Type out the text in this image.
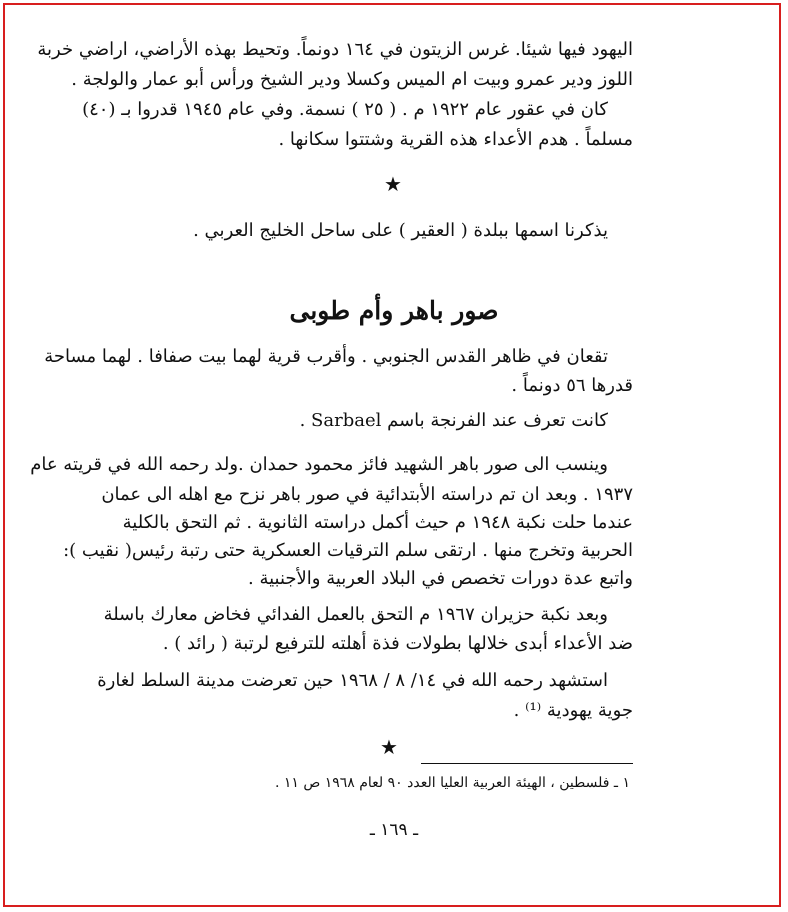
اليهود فيها شيئا. غرس الزيتون في ١٦٤ دونماً. وتحيط بهذه الأراضي، اراضي خربة
اللوز ودير عمرو وبيت ام الميس وكسلا ودير الشيخ ورأس أبو عمار والولجة .
كان في عقور عام ١٩٢٢ م . ( ٢٥ ) نسمة. وفي عام ١٩٤٥ قدروا بـ (٤٠)
مسلماً . هدم الأعداء هذه القرية وشتتوا سكانها .
★
يذكرنا اسمها ببلدة ( العقير ) على ساحل الخليج العربي .
صور باهر وأم طوبى
تقعان في ظاهر القدس الجنوبي . وأقرب قرية لهما بيت صفافا . لهما مساحة
قدرها ٥٦ دونماً .
كانت تعرف عند الفرنجة باسم Sarbael .
وينسب الى صور باهر الشهيد فائز محمود حمدان .ولد رحمه الله في قريته عام
١٩٣٧ . وبعد ان تم دراسته الأبتدائية في صور باهر نزح مع اهله الى عمان
عندما حلت نكبة ١٩٤٨ م حيث أكمل دراسته الثانوية . ثم التحق بالكلية
الحربية وتخرج منها . ارتقى سلم الترقيات العسكرية حتى رتبة رئيس( نقيب ):
واتبع عدة دورات تخصص في البلاد العربية والأجنبية .
وبعد نكبة حزيران ١٩٦٧ م التحق بالعمل الفدائي فخاض معارك باسلة
ضد الأعداء أبدى خلالها بطولات فذة أهلته للترفيع لرتبة ( رائد ) .
استشهد رحمه الله في ١٤/ ٨ / ١٩٦٨ حين تعرضت مدينة السلط لغارة
جوية يهودية ⁽¹⁾ .
★
١ ـ فلسطين ، الهيئة العربية العليا العدد ٩٠ لعام ١٩٦٨ ص ١١ .
ـ ١٦٩ ـ
